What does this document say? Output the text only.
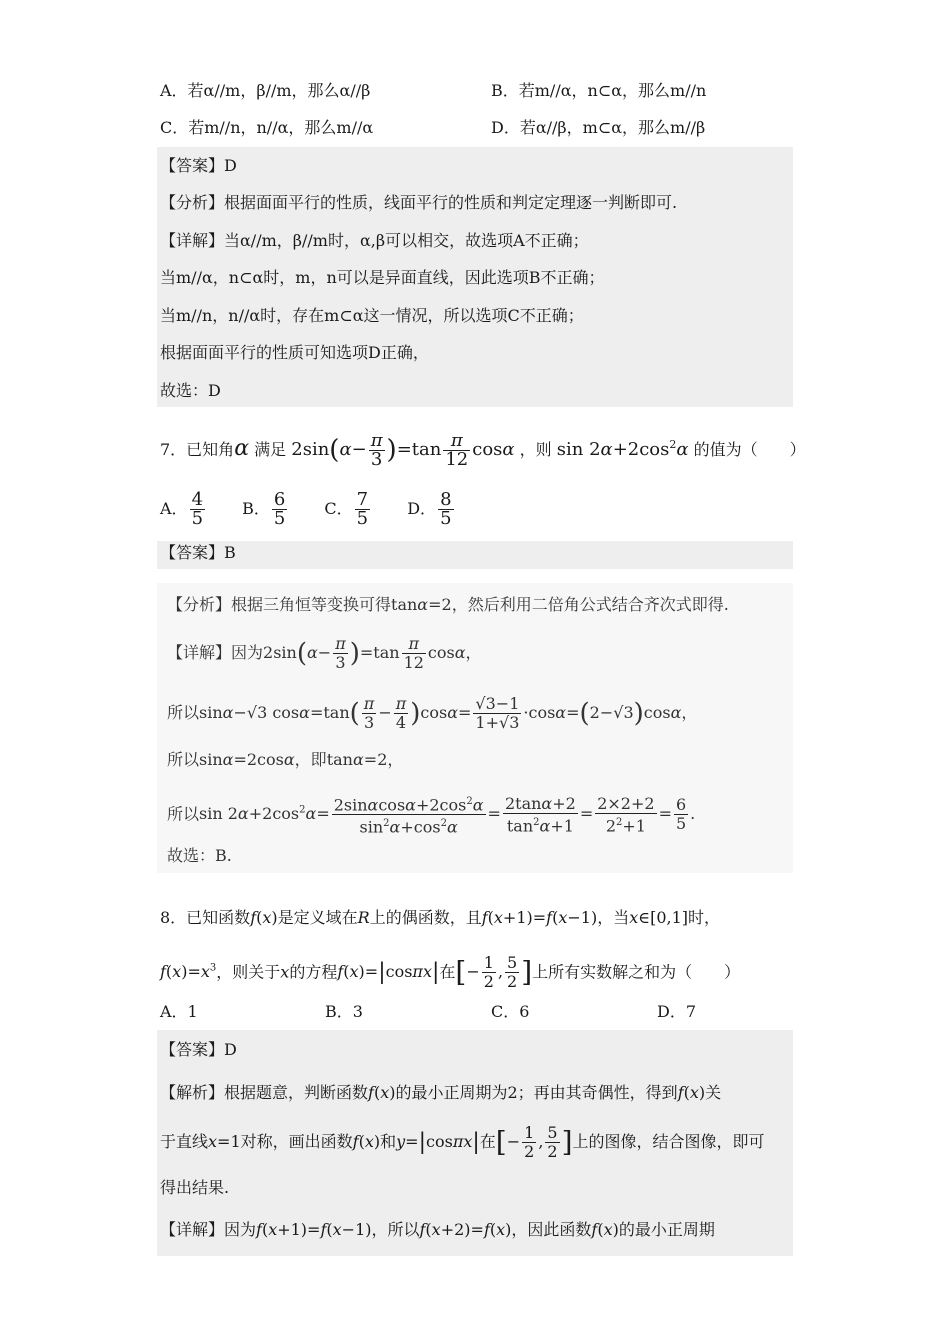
A．若α//m，β//m，那么α//β	B．若m//α，n⊂α，那么m//n
C．若m//n，n//α，那么m//α	D．若α//β，m⊂α，那么m//β
【答案】D
【分析】根据面面平行的性质，线面平行的性质和判定定理逐一判断即可.
【详解】当α//m，β//m时，α,β可以相交，故选项A不正确；
当m//α，n⊂α时，m，n可以是异面直线，因此选项B不正确；
当m//n，n//α时，存在m⊂α这一情况，所以选项C不正确；
根据面面平行的性质可知选项D正确，
故选：D
7．已知角α 满足 $2\sin(\alpha- \frac{\pi}{3} )=\tan \frac{\pi}{12}$ cosα ，则 $\sin 2\alpha+2\cos^2\alpha$ 的值为（　　）
A． $\frac{4}{5}$ B． $\frac{6}{5}$ C． $\frac{7}{5}$ D． $\frac{8}{5}$
【答案】B
【分析】根据三角恒等变换可得tanα=2，然后利用二倍角公式结合齐次式即得.
【详解】因为$2\sin(\alpha- \frac{\pi}{3} )=\tan \frac{\pi}{12}$ cosα，
所以sinα−√3 $\cos\alpha=\tan( \frac{\pi}{3} - \frac{\pi}{4} )\cos\alpha= \frac{√3-1}{1+√3} \cdot\cos\alpha=(2-√3)\cos\alpha$，
所以sinα=2cosα，即tanα=2，
所以$\sin 2\alpha+2\cos^2\alpha= \frac{2\sin\alpha\cos\alpha+2\cos^2\alpha}{\sin^2\alpha+\cos^2\alpha} = \frac{2\tan\alpha+2}{\tan^2\alpha+1} = \frac{2\times 2+2}{2^2+1} = \frac{6}{5}$ .
故选：B.
8．已知函数f(x)是定义域在R上的偶函数，且f(x+1)=f(x−1)，当x∈[0,1]时，
$f(x)=x^3$，则关于x的方程f(x)=|cosπx|在[− $\frac{1}{2}$ , $\frac{5}{2}$ ]上所有实数解之和为（　　）
A．1	B．3	C．6	D．7
【答案】D
【解析】根据题意，判断函数f(x)的最小正周期为2；再由其奇偶性，得到f(x)关
于直线x=1对称，画出函数f(x)和y=|cosπx|在[− $\frac{1}{2}$ , $\frac{5}{2}$ ]上的图像，结合图像，即可
得出结果.
【详解】因为f(x+1)=f(x−1)，所以f(x+2)=f(x)，因此函数f(x)的最小正周期
